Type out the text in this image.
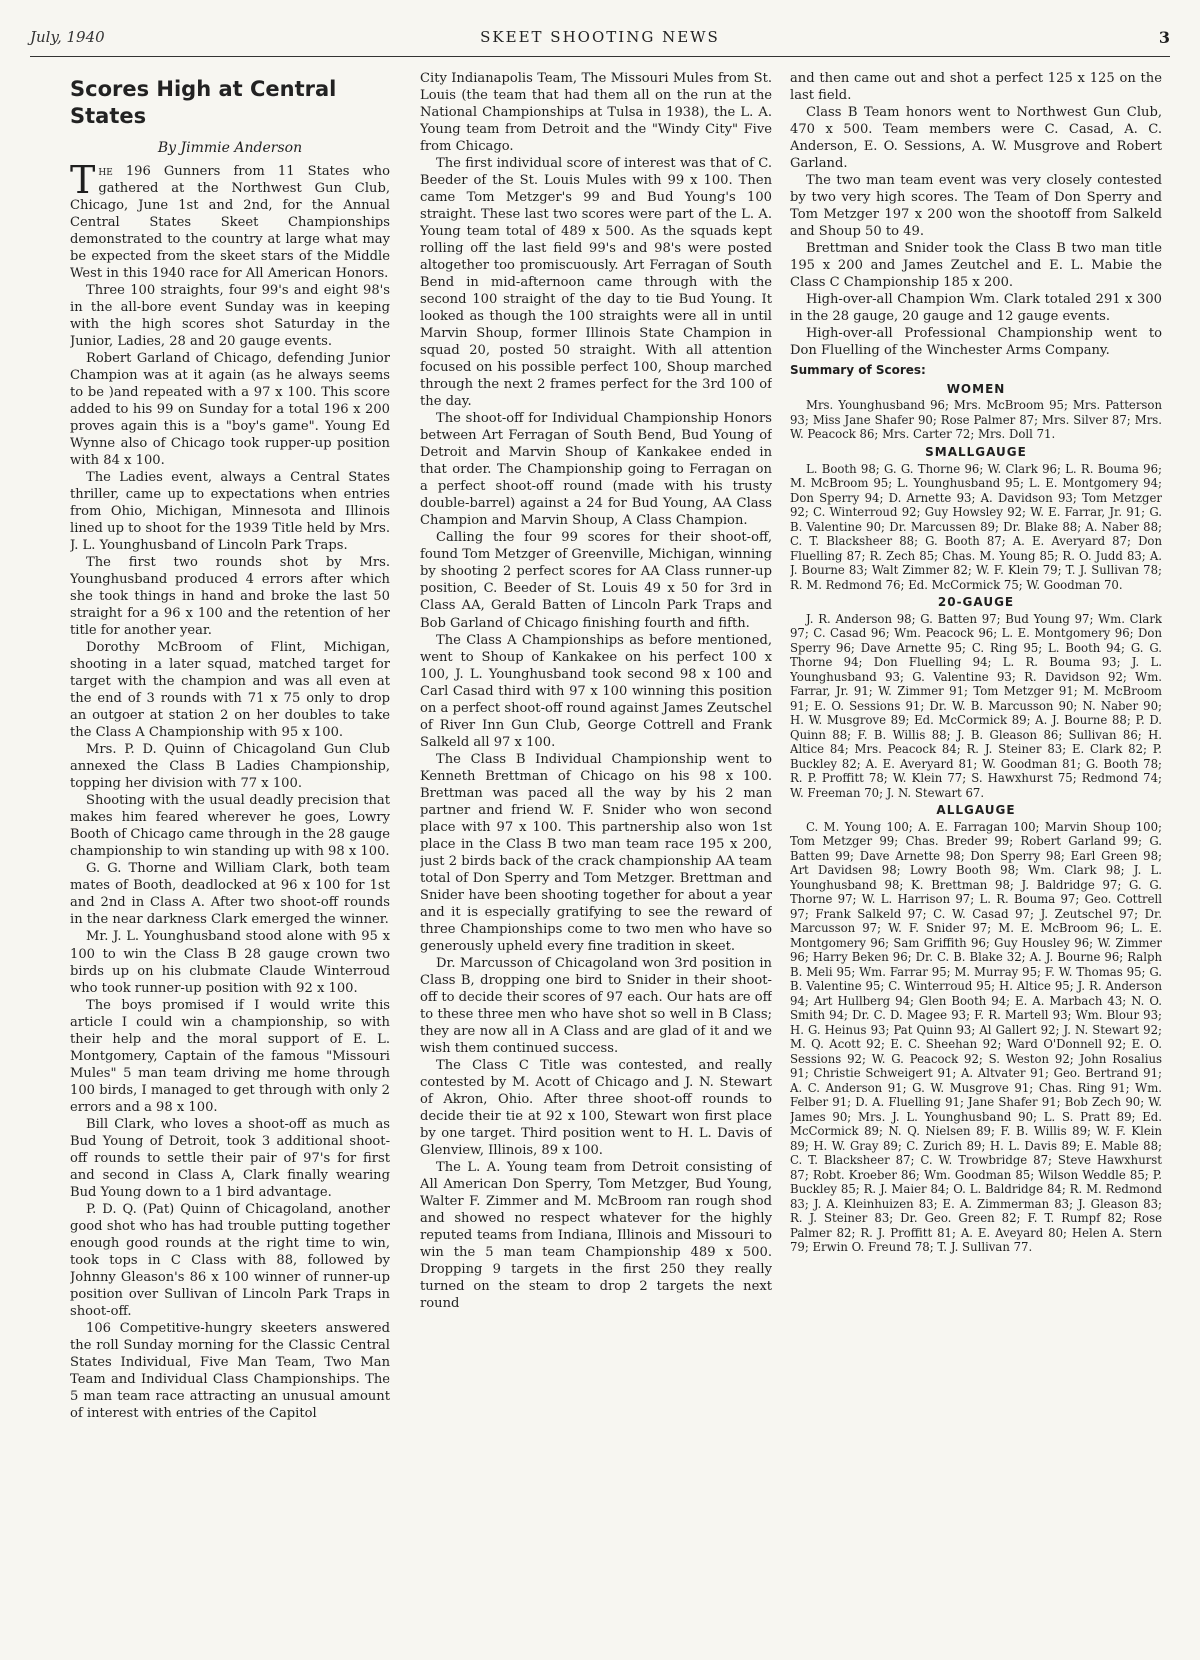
July, 1940	SKEET SHOOTING NEWS	3
Scores High at Central States
By Jimmie Anderson

The 196 Gunners from 11 States who gathered at the Northwest Gun Club, Chicago, June 1st and 2nd, for the Annual Central States Skeet Championships demonstrated to the country at large what may be expected from the skeet stars of the Middle West in this 1940 race for All American Honors.

Three 100 straights, four 99's and eight 98's in the all-bore event Sunday was in keeping with the high scores shot Saturday in the Junior, Ladies, 28 and 20 gauge events.

Robert Garland of Chicago, defending Junior Champion was at it again (as he always seems to be )and repeated with a 97 x 100. This score added to his 99 on Sunday for a total 196 x 200 proves again this is a "boy's game". Young Ed Wynne also of Chicago took rupper-up position with 84 x 100.

The Ladies event, always a Central States thriller, came up to expectations when entries from Ohio, Michigan, Minnesota and Illinois lined up to shoot for the 1939 Title held by Mrs. J. L. Younghusband of Lincoln Park Traps.

The first two rounds shot by Mrs. Younghusband produced 4 errors after which she took things in hand and broke the last 50 straight for a 96 x 100 and the retention of her title for another year.

Dorothy McBroom of Flint, Michigan, shooting in a later squad, matched target for target with the champion and was all even at the end of 3 rounds with 71 x 75 only to drop an outgoer at station 2 on her doubles to take the Class A Championship with 95 x 100.

Mrs. P. D. Quinn of Chicagoland Gun Club annexed the Class B Ladies Championship, topping her division with 77 x 100.

Shooting with the usual deadly precision that makes him feared wherever he goes, Lowry Booth of Chicago came through in the 28 gauge championship to win standing up with 98 x 100.

G. G. Thorne and William Clark, both team mates of Booth, deadlocked at 96 x 100 for 1st and 2nd in Class A. After two shoot-off rounds in the near darkness Clark emerged the winner.

Mr. J. L. Younghusband stood alone with 95 x 100 to win the Class B 28 gauge crown two birds up on his clubmate Claude Winterroud who took runner-up position with 92 x 100.

The boys promised if I would write this article I could win a championship, so with their help and the moral support of E. L. Montgomery, Captain of the famous "Missouri Mules" 5 man team driving me home through 100 birds, I managed to get through with only 2 errors and a 98 x 100.

Bill Clark, who loves a shoot-off as much as Bud Young of Detroit, took 3 additional shoot-off rounds to settle their pair of 97's for first and second in Class A, Clark finally wearing Bud Young down to a 1 bird advantage.

P. D. Q. (Pat) Quinn of Chicagoland, another good shot who has had trouble putting together enough good rounds at the right time to win, took tops in C Class with 88, followed by Johnny Gleason's 86 x 100 winner of runner-up position over Sullivan of Lincoln Park Traps in shoot-off.

106 Competitive-hungry skeeters answered the roll Sunday morning for the Classic Central States Individual, Five Man Team, Two Man Team and Individual Class Championships. The 5 man team race attracting an unusual amount of interest with entries of the Capitol

City Indianapolis Team, The Missouri Mules from St. Louis (the team that had them all on the run at the National Championships at Tulsa in 1938), the L. A. Young team from Detroit and the "Windy City" Five from Chicago.

The first individual score of interest was that of C. Beeder of the St. Louis Mules with 99 x 100. Then came Tom Metzger's 99 and Bud Young's 100 straight. These last two scores were part of the L. A. Young team total of 489 x 500. As the squads kept rolling off the last field 99's and 98's were posted altogether too promiscuously. Art Ferragan of South Bend in mid-afternoon came through with the second 100 straight of the day to tie Bud Young. It looked as though the 100 straights were all in until Marvin Shoup, former Illinois State Champion in squad 20, posted 50 straight. With all attention focused on his possible perfect 100, Shoup marched through the next 2 frames perfect for the 3rd 100 of the day.

The shoot-off for Individual Championship Honors between Art Ferragan of South Bend, Bud Young of Detroit and Marvin Shoup of Kankakee ended in that order. The Championship going to Ferragan on a perfect shoot-off round (made with his trusty double-barrel) against a 24 for Bud Young, AA Class Champion and Marvin Shoup, A Class Champion.

Calling the four 99 scores for their shoot-off, found Tom Metzger of Greenville, Michigan, winning by shooting 2 perfect scores for AA Class runner-up position, C. Beeder of St. Louis 49 x 50 for 3rd in Class AA, Gerald Batten of Lincoln Park Traps and Bob Garland of Chicago finishing fourth and fifth.

The Class A Championships as before mentioned, went to Shoup of Kankakee on his perfect 100 x 100, J. L. Younghusband took second 98 x 100 and Carl Casad third with 97 x 100 winning this position on a perfect shoot-off round against James Zeutschel of River Inn Gun Club, George Cottrell and Frank Salkeld all 97 x 100.

The Class B Individual Championship went to Kenneth Brettman of Chicago on his 98 x 100. Brettman was paced all the way by his 2 man partner and friend W. F. Snider who won second place with 97 x 100. This partnership also won 1st place in the Class B two man team race 195 x 200, just 2 birds back of the crack championship AA team total of Don Sperry and Tom Metzger. Brettman and Snider have been shooting together for about a year and it is especially gratifying to see the reward of three Championships come to two men who have so generously upheld every fine tradition in skeet.

Dr. Marcusson of Chicagoland won 3rd position in Class B, dropping one bird to Snider in their shoot-off to decide their scores of 97 each. Our hats are off to these three men who have shot so well in B Class; they are now all in A Class and are glad of it and we wish them continued success.

The Class C Title was contested, and really contested by M. Acott of Chicago and J. N. Stewart of Akron, Ohio. After three shoot-off rounds to decide their tie at 92 x 100, Stewart won first place by one target. Third position went to H. L. Davis of Glenview, Illinois, 89 x 100.

The L. A. Young team from Detroit consisting of All American Don Sperry, Tom Metzger, Bud Young, Walter F. Zimmer and M. McBroom ran rough shod and showed no respect whatever for the highly reputed teams from Indiana, Illinois and Missouri to win the 5 man team Championship 489 x 500. Dropping 9 targets in the first 250 they really turned on the steam to drop 2 targets the next round

and then came out and shot a perfect 125 x 125 on the last field.

Class B Team honors went to Northwest Gun Club, 470 x 500. Team members were C. Casad, A. C. Anderson, E. O. Sessions, A. W. Musgrove and Robert Garland.

The two man team event was very closely contested by two very high scores. The Team of Don Sperry and Tom Metzger 197 x 200 won the shootoff from Salkeld and Shoup 50 to 49.

Brettman and Snider took the Class B two man title 195 x 200 and James Zeutchel and E. L. Mabie the Class C Championship 185 x 200.

High-over-all Champion Wm. Clark totaled 291 x 300 in the 28 gauge, 20 gauge and 12 gauge events.

High-over-all Professional Championship went to Don Fluelling of the Winchester Arms Company.

Summary of Scores:
WOMEN

Mrs. Younghusband 96; Mrs. McBroom 95; Mrs. Patterson 93; Miss Jane Shafer 90; Rose Palmer 87; Mrs. Silver 87; Mrs. W. Peacock 86; Mrs. Carter 72; Mrs. Doll 71.

SMALLGAUGE

L. Booth 98; G. G. Thorne 96; W. Clark 96; L. R. Bouma 96; M. McBroom 95; L. Younghusband 95; L. E. Montgomery 94; Don Sperry 94; D. Arnette 93; A. Davidson 93; Tom Metzger 92; C. Winterroud 92; Guy Howsley 92; W. E. Farrar, Jr. 91; G. B. Valentine 90; Dr. Marcussen 89; Dr. Blake 88; A. Naber 88; C. T. Blacksheer 88; G. Booth 87; A. E. Averyard 87; Don Fluelling 87; R. Zech 85; Chas. M. Young 85; R. O. Judd 83; A. J. Bourne 83; Walt Zimmer 82; W. F. Klein 79; T. J. Sullivan 78; R. M. Redmond 76; Ed. McCormick 75; W. Goodman 70.

20-GAUGE

J. R. Anderson 98; G. Batten 97; Bud Young 97; Wm. Clark 97; C. Casad 96; Wm. Peacock 96; L. E. Montgomery 96; Don Sperry 96; Dave Arnette 95; C. Ring 95; L. Booth 94; G. G. Thorne 94; Don Fluelling 94; L. R. Bouma 93; J. L. Younghusband 93; G. Valentine 93; R. Davidson 92; Wm. Farrar, Jr. 91; W. Zimmer 91; Tom Metzger 91; M. McBroom 91; E. O. Sessions 91; Dr. W. B. Marcusson 90; N. Naber 90; H. W. Musgrove 89; Ed. McCormick 89; A. J. Bourne 88; P. D. Quinn 88; F. B. Willis 88; J. B. Gleason 86; Sullivan 86; H. Altice 84; Mrs. Peacock 84; R. J. Steiner 83; E. Clark 82; P. Buckley 82; A. E. Averyard 81; W. Goodman 81; G. Booth 78; R. P. Proffitt 78; W. Klein 77; S. Hawxhurst 75; Redmond 74; W. Freeman 70; J. N. Stewart 67.

ALLGAUGE

C. M. Young 100; A. E. Farragan 100; Marvin Shoup 100; Tom Metzger 99; Chas. Breder 99; Robert Garland 99; G. Batten 99; Dave Arnette 98; Don Sperry 98; Earl Green 98; Art Davidsen 98; Lowry Booth 98; Wm. Clark 98; J. L. Younghusband 98; K. Brettman 98; J. Baldridge 97; G. G. Thorne 97; W. L. Harrison 97; L. R. Bouma 97; Geo. Cottrell 97; Frank Salkeld 97; C. W. Casad 97; J. Zeutschel 97; Dr. Marcusson 97; W. F. Snider 97; M. E. McBroom 96; L. E. Montgomery 96; Sam Griffith 96; Guy Housley 96; W. Zimmer 96; Harry Beken 96; Dr. C. B. Blake 32; A. J. Bourne 96; Ralph B. Meli 95; Wm. Farrar 95; M. Murray 95; F. W. Thomas 95; G. B. Valentine 95; C. Winterroud 95; H. Altice 95; J. R. Anderson 94; Art Hullberg 94; Glen Booth 94; E. A. Marbach 43; N. O. Smith 94; Dr. C. D. Magee 93; F. R. Martell 93; Wm. Blour 93; H. G. Heinus 93; Pat Quinn 93; Al Gallert 92; J. N. Stewart 92; M. Q. Acott 92; E. C. Sheehan 92; Ward O'Donnell 92; E. O. Sessions 92; W. G. Peacock 92; S. Weston 92; John Rosalius 91; Christie Schweigert 91; A. Altvater 91; Geo. Bertrand 91; A. C. Anderson 91; G. W. Musgrove 91; Chas. Ring 91; Wm. Felber 91; D. A. Fluelling 91; Jane Shafer 91; Bob Zech 90; W. James 90; Mrs. J. L. Younghusband 90; L. S. Pratt 89; Ed. McCormick 89; N. Q. Nielsen 89; F. B. Willis 89; W. F. Klein 89; H. W. Gray 89; C. Zurich 89; H. L. Davis 89; E. Mable 88; C. T. Blacksheer 87; C. W. Trowbridge 87; Steve Hawxhurst 87; Robt. Kroeber 86; Wm. Goodman 85; Wilson Weddle 85; P. Buckley 85; R. J. Maier 84; O. L. Baldridge 84; R. M. Redmond 83; J. A. Kleinhuizen 83; E. A. Zimmerman 83; J. Gleason 83; R. J. Steiner 83; Dr. Geo. Green 82; F. T. Rumpf 82; Rose Palmer 82; R. J. Proffitt 81; A. E. Aveyard 80; Helen A. Stern 79; Erwin O. Freund 78; T. J. Sullivan 77.
